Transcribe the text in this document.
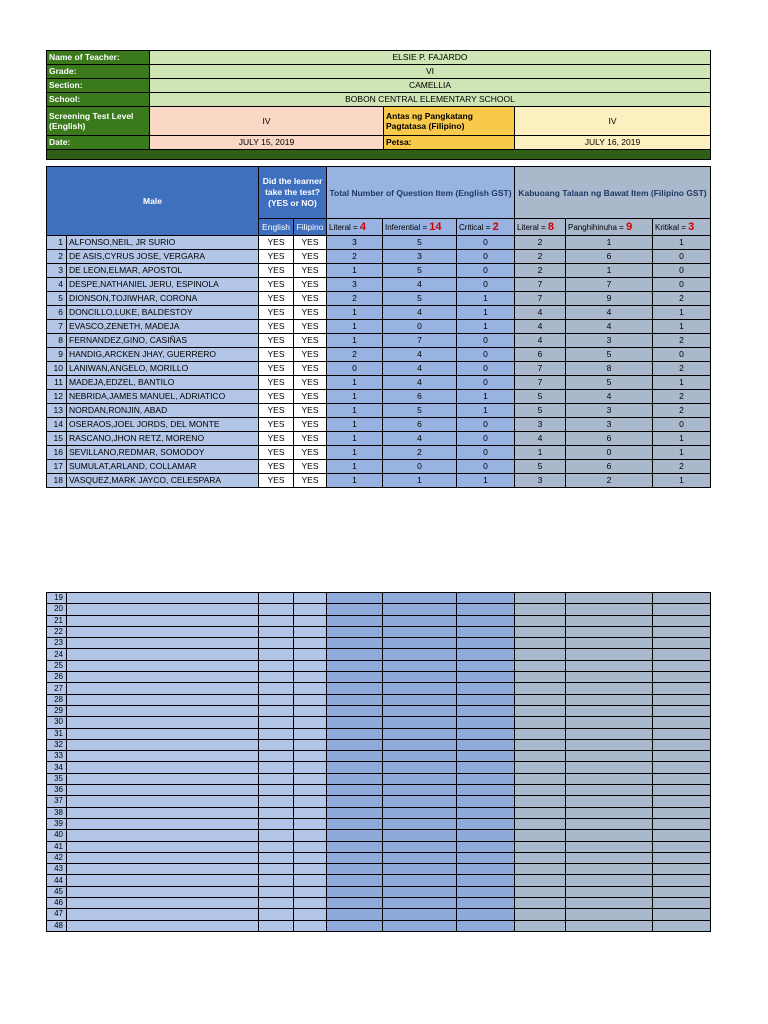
Name of Teacher:	ELSIE P. FAJARDO		
Grade:	VI		
Section:	CAMELLIA		
School:	BOBON CENTRAL ELEMENTARY SCHOOL		
Screening Test Level (English)	IV	Antas ng Pangkatang Pagtatasa (Filipino)	IV
Date:	JULY 15, 2019	Petsa:	JULY 16, 2019

Male		Did the learner take the test? (YES or NO)		Total Number of Question Item (English GST)			Kabuoang Talaan ng Bawat Item (Filipino GST)		
		English	Filipino	Literal = 4	Inferential = 14	Critical = 2	Literal = 8	Panghihinuha = 9	Kritikal = 3
1	ALFONSO,NEIL, JR SURIO	YES	YES	3	5	0	2	1	1
2	DE ASIS,CYRUS JOSE, VERGARA	YES	YES	2	3	0	2	6	0
3	DE LEON,ELMAR, APOSTOL	YES	YES	1	5	0	2	1	0
4	DESPE,NATHANIEL JERU, ESPINOLA	YES	YES	3	4	0	7	7	0
5	DIONSON,TOJIWHAR, CORONA	YES	YES	2	5	1	7	9	2
6	DONCILLO,LUKE, BALDESTOY	YES	YES	1	4	1	4	4	1
7	EVASCO,ZENETH, MADEJA	YES	YES	1	0	1	4	4	1
8	FERNANDEZ,GINO, CASIÑAS	YES	YES	1	7	0	4	3	2
9	HANDIG,ARCKEN JHAY, GUERRERO	YES	YES	2	4	0	6	5	0
10	LANIWAN,ANGELO, MORILLO	YES	YES	0	4	0	7	8	2
11	MADEJA,EDZEL, BANTILO	YES	YES	1	4	0	7	5	1
12	NEBRIDA,JAMES MANUEL, ADRIATICO	YES	YES	1	6	1	5	4	2
13	NORDAN,RONJIN, ABAD	YES	YES	1	5	1	5	3	2
14	OSERAOS,JOEL JORDS, DEL MONTE	YES	YES	1	6	0	3	3	0
15	RASCANO,JHON RETZ, MORENO	YES	YES	1	4	0	4	6	1
16	SEVILLANO,REDMAR, SOMODOY	YES	YES	1	2	0	1	0	1
17	SUMULAT,ARLAND, COLLAMAR	YES	YES	1	0	0	5	6	2
18	VASQUEZ,MARK JAYCO, CELESPARA	YES	YES	1	1	1	3	2	1
19									
20									
21									
22									
23									
24									
25									
26									
27									
28									
29									
30									
31									
32									
33									
34									
35									
36									
37									
38									
39									
40									
41									
42									
43									
44									
45									
46									
47									
48									
